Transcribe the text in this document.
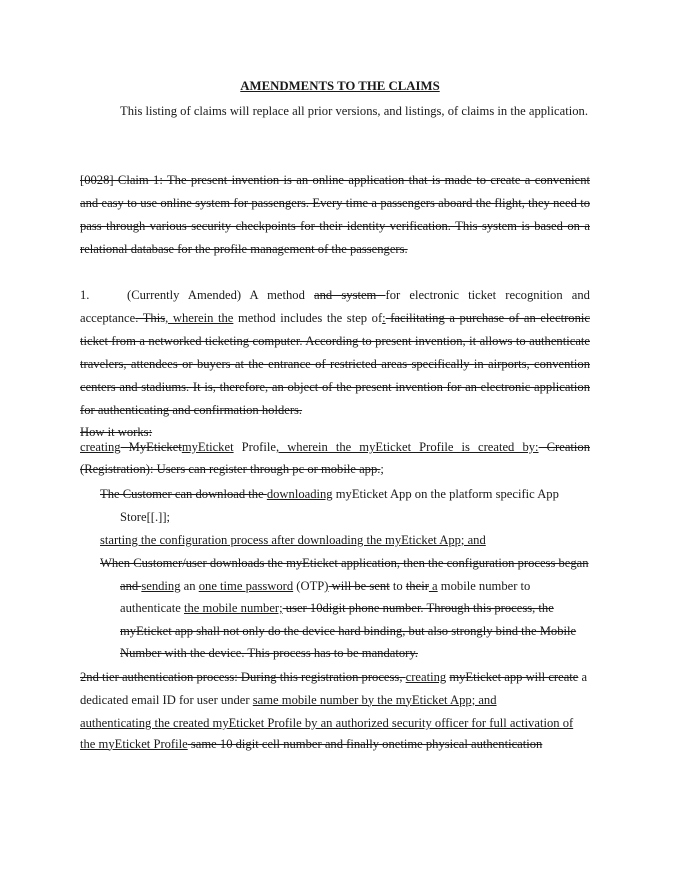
AMENDMENTS TO THE CLAIMS

This listing of claims will replace all prior versions, and listings, of claims in the application.

[0028] Claim 1: The present invention is an online application that is made to create a convenient and easy to use online system for passengers. Every time a passengers aboard the flight, they need to pass through various security checkpoints for their identity verification. This system is based on a relational database for the profile management of the passengers.

1.	(Currently Amended) A method and system for electronic ticket recognition and acceptance. This, wherein the method includes the step of: facilitating a purchase of an electronic ticket from a networked ticketing computer. According to present invention, it allows to authenticate travelers, attendees or buyers at the entrance of restricted areas specifically in airports, convention centers and stadiums. It is, therefore, an object of the present invention for an electronic application for authenticating and confirmation holders.

How it works:

creating MyEticketmyEticket Profile, wherein the myEticket Profile is created by: Creation (Registration): Users can register through pc or mobile app.;

The Customer can download the downloading myEticket App on the platform specific App Store[[.]];

starting the configuration process after downloading the myEticket App; and

When Customer/user downloads the myEticket application, then the configuration process began and sending an one time password (OTP) will be sent to their a mobile number to authenticate the mobile number; user 10digit phone number. Through this process, the myEticket app shall not only do the device hard binding, but also strongly bind the Mobile Number with the device. This process has to be mandatory.

2nd tier authentication process: During this registration process, creating myEticket app will create a dedicated email ID for user under same mobile number by the myEticket App; and

authenticating the created myEticket Profile by an authorized security officer for full activation of the myEticket Profile same 10 digit cell number and finally onetime physical authentication
